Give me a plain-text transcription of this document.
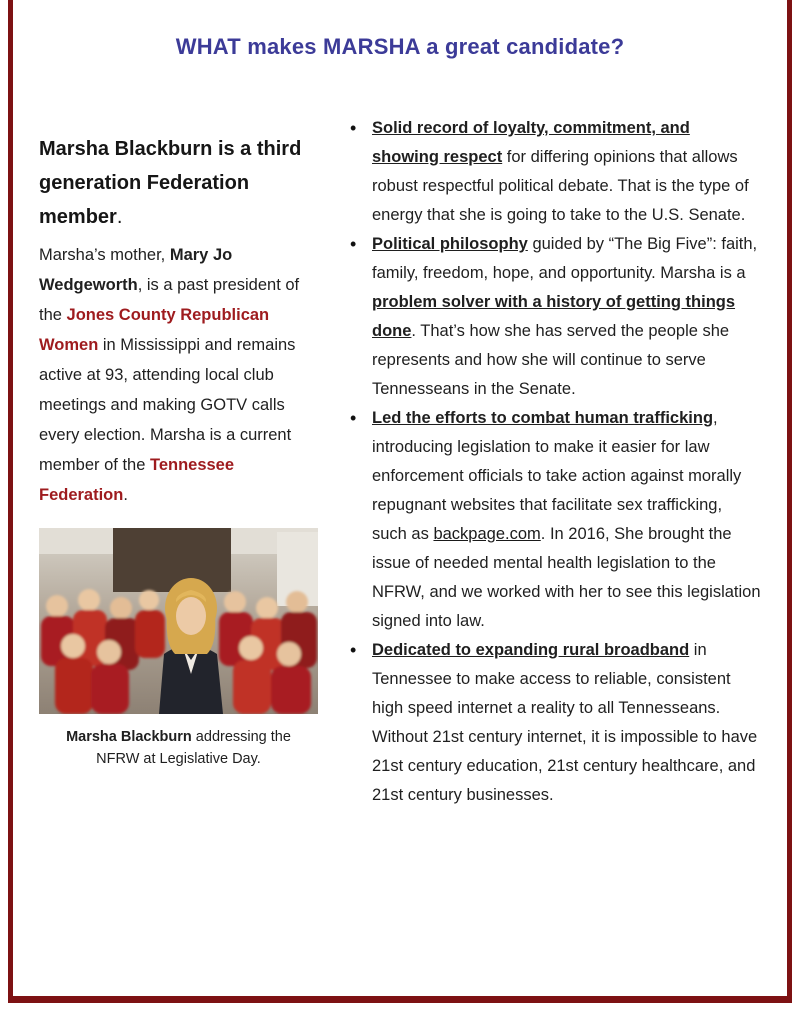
WHAT makes MARSHA a great candidate?

Marsha Blackburn is a third generation Federation member.

Marsha’s mother, Mary Jo Wedgeworth, is a past president of the Jones County Republican Women in Mississippi and remains active at 93, attending local club meetings and making GOTV calls every election. Marsha is a current member of the Tennessee Federation.

Marsha Blackburn addressing the NFRW at Legislative Day.

• Solid record of loyalty, commitment, and showing respect for differing opinions that allows robust respectful political debate. That is the type of energy that she is going to take to the U.S. Senate.
• Political philosophy guided by “The Big Five”: faith, family, freedom, hope, and opportunity. Marsha is a problem solver with a history of getting things done. That’s how she has served the people she represents and how she will continue to serve Tennesseans in the Senate.
• Led the efforts to combat human trafficking, introducing legislation to make it easier for law enforcement officials to take action against morally repugnant websites that facilitate sex trafficking, such as backpage.com. In 2016, She brought the issue of needed mental health legislation to the NFRW, and we worked with her to see this legislation signed into law.
• Dedicated to expanding rural broadband in Tennessee to make access to reliable, consistent high speed internet a reality to all Tennesseans. Without 21st century internet, it is impossible to have 21st century education, 21st century healthcare, and 21st century businesses.
